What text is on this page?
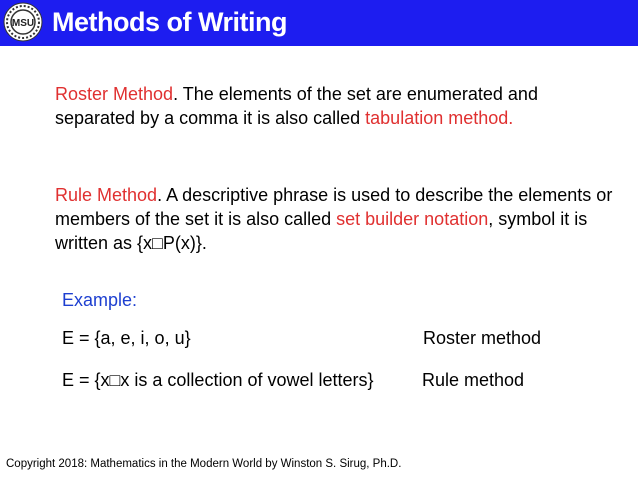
MSU Methods of Writing
Roster Method. The elements of the set are enumerated and separated by a comma it is also called tabulation method.
Rule Method. A descriptive phrase is used to describe the elements or members of the set it is also called set builder notation, symbol it is written as {x□P(x)}.
Example:
E = {a, e, i, o, u}	Roster method
E = {x□x is a collection of vowel letters}	Rule method
Copyright 2018: Mathematics in the Modern World by Winston S. Sirug, Ph.D.
